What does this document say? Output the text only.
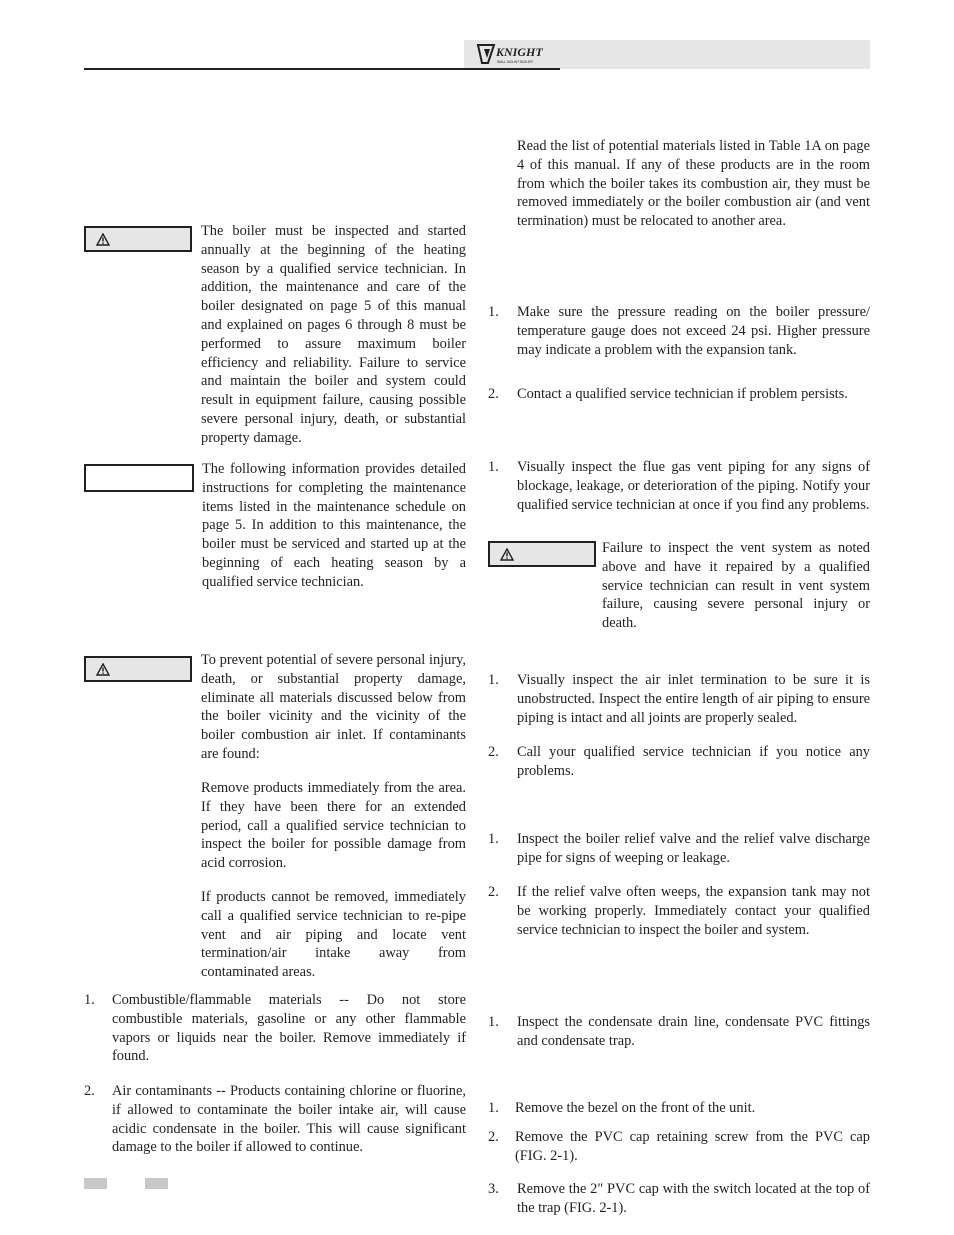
KNIGHT
WALL MOUNT BOILER

The boiler must be inspected and started annually at the beginning of the heating season by a qualified service technician. In addition, the maintenance and care of the boiler designated on page 5 of this manual and explained on pages 6 through 8 must be performed to assure maximum boiler efficiency and reliability. Failure to service and maintain the boiler and system could result in equipment failure, causing possible severe personal injury, death, or substantial property damage.

The following information provides detailed instructions for completing the maintenance items listed in the maintenance schedule on page 5. In addition to this maintenance, the boiler must be serviced and started up at the beginning of each heating season by a qualified service technician.

To prevent potential of severe personal injury, death, or substantial property damage, eliminate all materials discussed below from the boiler vicinity and the vicinity of the boiler combustion air inlet. If contaminants are found:

Remove products immediately from the area. If they have been there for an extended period, call a qualified service technician to inspect the boiler for possible damage from acid corrosion.

If products cannot be removed, immediately call a qualified service technician to re-pipe vent and air piping and locate vent termination/air intake away from contaminated areas.

1. Combustible/flammable materials -- Do not store combustible materials, gasoline or any other flammable vapors or liquids near the boiler. Remove immediately if found.

2. Air contaminants -- Products containing chlorine or fluorine, if allowed to contaminate the boiler intake air, will cause acidic condensate in the boiler. This will cause significant damage to the boiler if allowed to continue.

Read the list of potential materials listed in Table 1A on page 4 of this manual. If any of these products are in the room from which the boiler takes its combustion air, they must be removed immediately or the boiler combustion air (and vent termination) must be relocated to another area.

1. Make sure the pressure reading on the boiler pressure/ temperature gauge does not exceed 24 psi. Higher pressure may indicate a problem with the expansion tank.

2. Contact a qualified service technician if problem persists.

1. Visually inspect the flue gas vent piping for any signs of blockage, leakage, or deterioration of the piping. Notify your qualified service technician at once if you find any problems.

Failure to inspect the vent system as noted above and have it repaired by a qualified service technician can result in vent system failure, causing severe personal injury or death.

1. Visually inspect the air inlet termination to be sure it is unobstructed. Inspect the entire length of air piping to ensure piping is intact and all joints are properly sealed.

2. Call your qualified service technician if you notice any problems.

1. Inspect the boiler relief valve and the relief valve discharge pipe for signs of weeping or leakage.

2. If the relief valve often weeps, the expansion tank may not be working properly. Immediately contact your qualified service technician to inspect the boiler and system.

1. Inspect the condensate drain line, condensate PVC fittings and condensate trap.

1. Remove the bezel on the front of the unit.

2. Remove the PVC cap retaining screw from the PVC cap (FIG. 2-1).

3. Remove the 2" PVC cap with the switch located at the top of the trap (FIG. 2-1).
